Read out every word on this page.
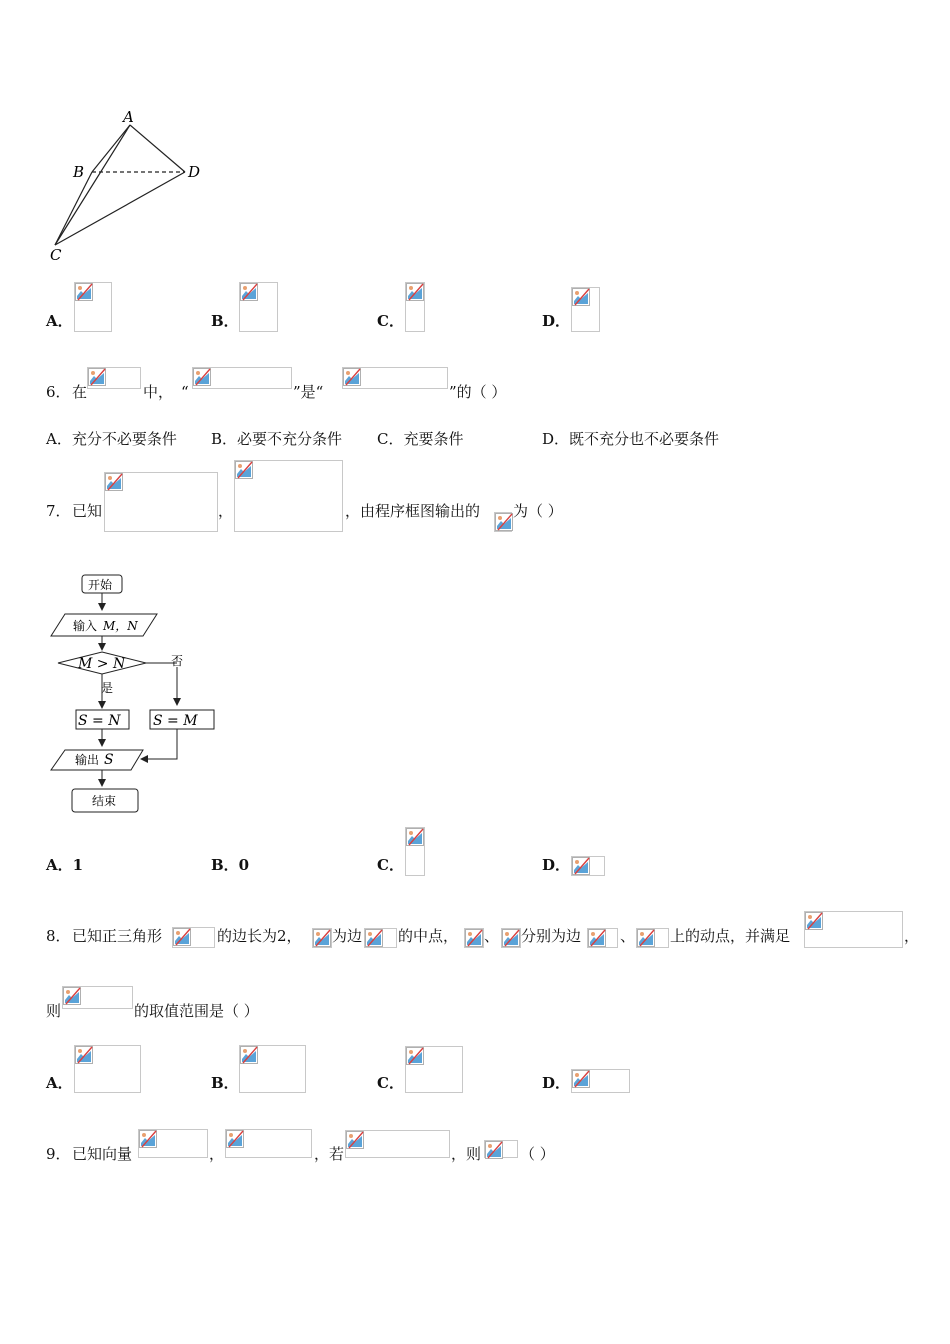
A
B
C
D
A．	B．	C．	D．
6． 在	中， “	”是“	”的（ ）
A．充分不必要条件 B．必要不充分条件 C．充要条件	D．既不充分也不必要条件
7． 已知	，	，由程序框图输出的 为（ ）
开始
输入 M，N
M > N	否
是
S = N S = M
输出 S
结束
A．1	B．0	C．	D．
8． 已知正三角形	的边长为2， 为边 的中点， 、 分别为边	、 上的动点，并满足	，
则	的取值范围是（ ）
A．	B．	C．	D．
9． 已知向量	，	，若	，则	（ ）
